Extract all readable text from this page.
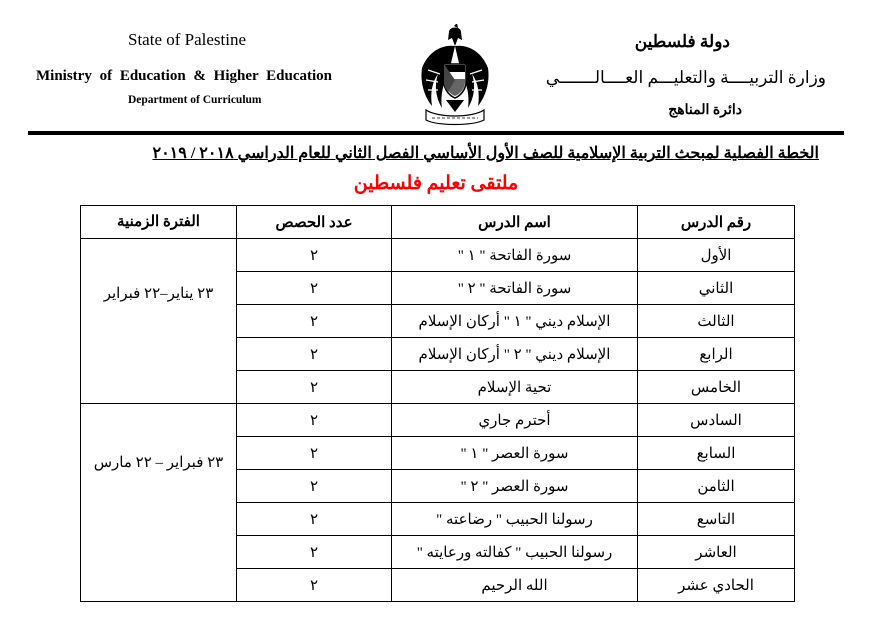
State of Palestine
Ministry of Education & Higher Education
Department of Curriculum
دولة فلسطين
وزارة التربيــــة والتعليـــم العــــالـــــــي
دائرة المناهج
الخطة الفصلية لمبحث التربية الإسلامية للصف الأول الأساسي الفصل الثاني للعام الدراسي ٢٠١٨ / ٢٠١٩
ملتقى تعليم فلسطين
رقم الدرس	اسم الدرس	عدد الحصص	الفترة الزمنية
الأول	سورة الفاتحة " ١ "	٢	٢٣ يناير–٢٢ فبراير
الثاني	سورة الفاتحة " ٢ "	٢	
الثالث	الإسلام ديني " ١ " أركان الإسلام	٢	
الرابع	الإسلام ديني " ٢ " أركان الإسلام	٢	
الخامس	تحية الإسلام	٢	
السادس	أحترم جاري	٢	٢٣ فبراير – ٢٢ مارس
السابع	سورة العصر " ١ "	٢	
الثامن	سورة العصر " ٢ "	٢	
التاسع	رسولنا الحبيب " رضاعته "	٢	
العاشر	رسولنا الحبيب " كفالته ورعايته "	٢	
الحادي عشر	الله الرحيم	٢	
